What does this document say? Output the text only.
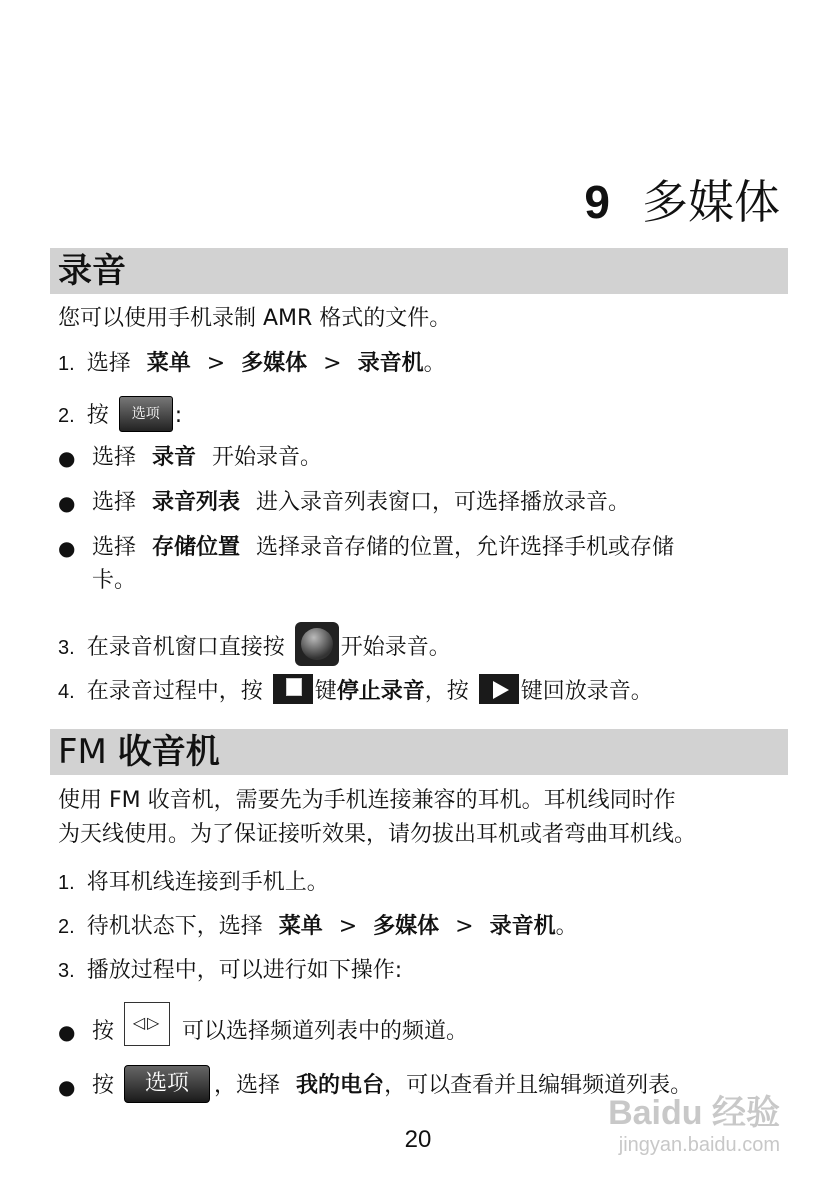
9 多媒体
录音
您可以使用手机录制 AMR 格式的文件。
1. 选择 菜单 > 多媒体 > 录音机。
2. 按 选项 :
● 选择 录音 开始录音。
● 选择 录音列表 进入录音列表窗口，可选择播放录音。
● 选择 存储位置 选择录音存储的位置，允许选择手机或存储
卡。
3. 在录音机窗口直接按	开始录音。
4. 在录音过程中，按 键停止录音，按 键回放录音。
FM 收音机
使用 FM 收音机，需要先为手机连接兼容的耳机。耳机线同时作
为天线使用。为了保证接听效果，请勿拔出耳机或者弯曲耳机线。
1. 将耳机线连接到手机上。
2. 待机状态下，选择 菜单 > 多媒体 > 录音机。
3. 播放过程中，可以进行如下操作:
● 按 ◁▷ 可以选择频道列表中的频道。
● 按 选项 ，选择 我的电台，可以查看并且编辑频道列表。
Baidu 经验
jingyan.baidu.com
20
